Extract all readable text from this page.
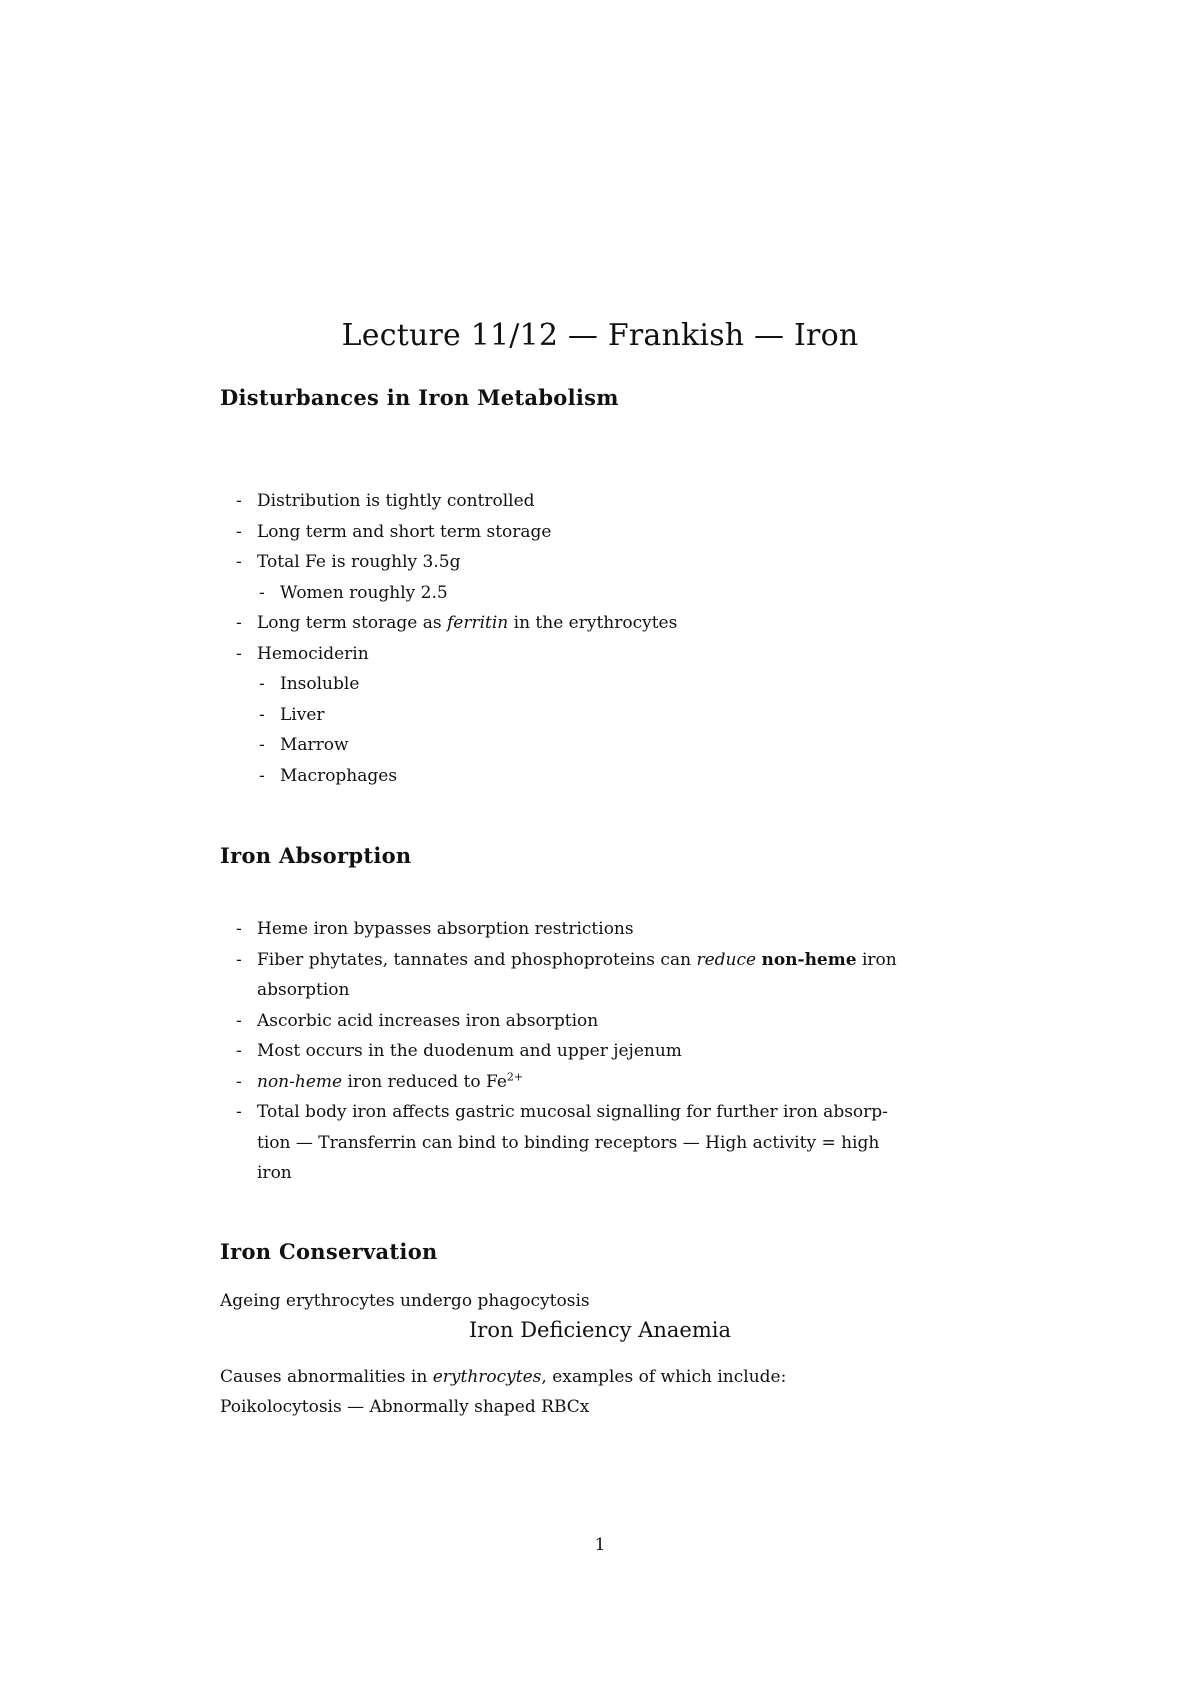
Lecture 11/12 — Frankish — Iron
Disturbances in Iron Metabolism
- Distribution is tightly controlled
- Long term and short term storage
- Total Fe is roughly 3.5g
- Women roughly 2.5
- Long term storage as ferritin in the erythrocytes
- Hemociderin
- Insoluble
- Liver
- Marrow
- Macrophages
Iron Absorption
- Heme iron bypasses absorption restrictions
- Fiber phytates, tannates and phosphoproteins can reduce non-heme iron
absorption
- Ascorbic acid increases iron absorption
- Most occurs in the duodenum and upper jejenum
- non-heme iron reduced to $Fe^{2+}$
- Total body iron affects gastric mucosal signalling for further iron absorp-
tion — Transferrin can bind to binding receptors — High activity = high
iron
Iron Conservation

Ageing erythrocytes undergo phagocytosis

Iron Deficiency Anaemia

Causes abnormalities in erythrocytes, examples of which include:

Poikolocytosis — Abnormally shaped RBCx

1
